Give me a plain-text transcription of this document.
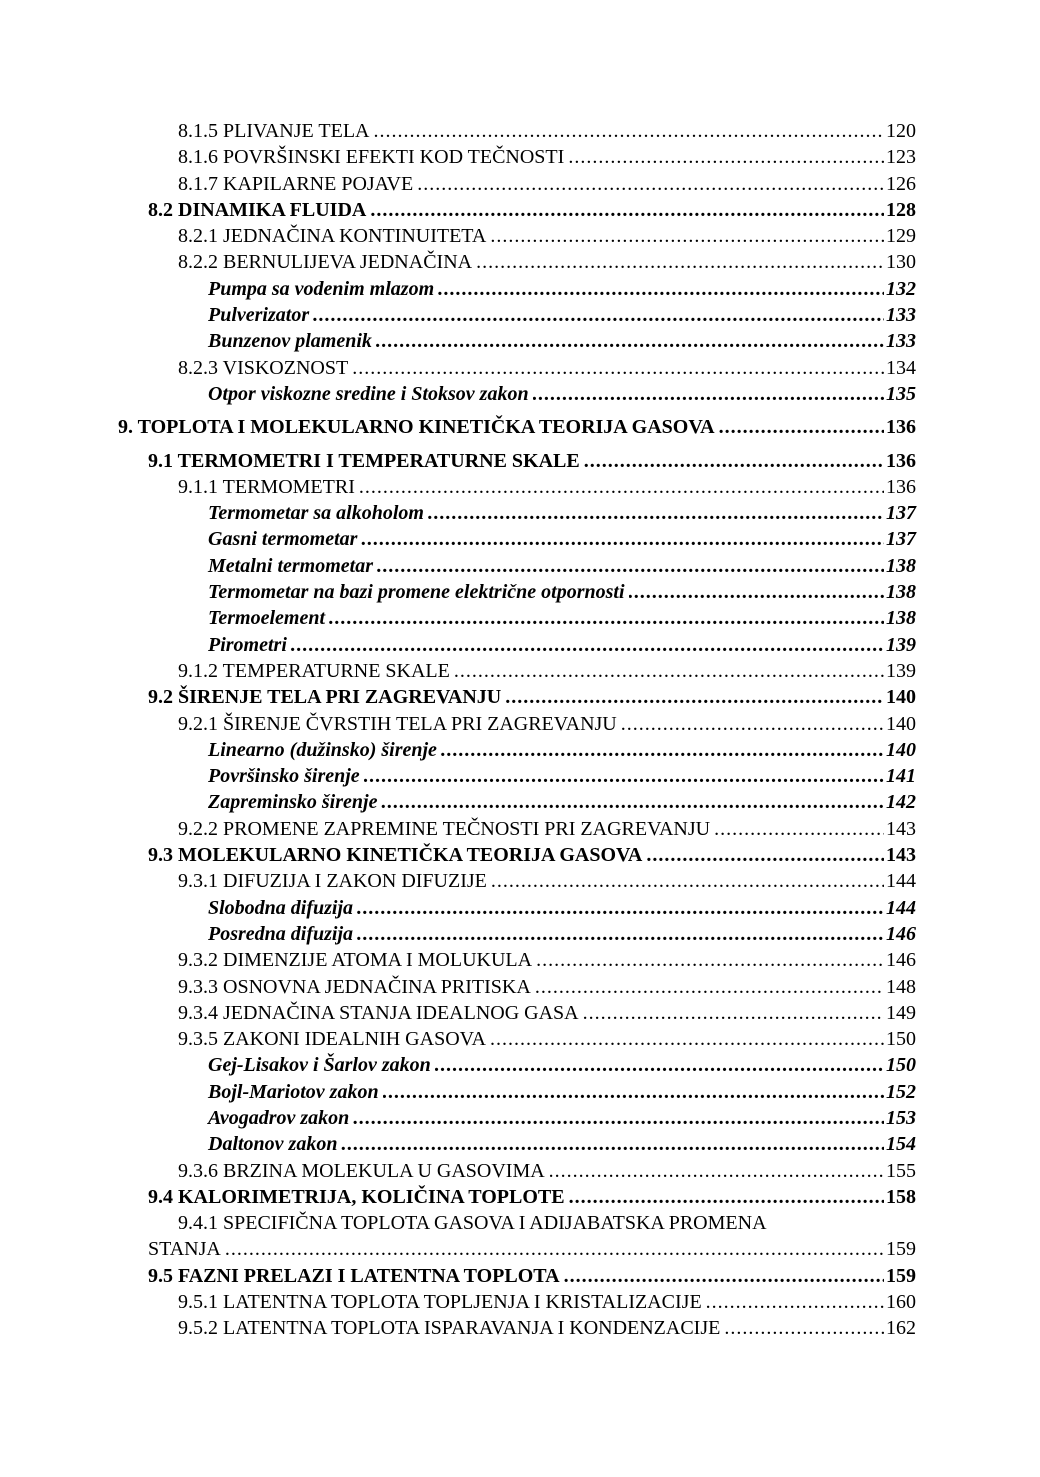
8.1.5 PLIVANJE TELA .....	120
8.1.6 POVRŠINSKI EFEKTI KOD TEČNOSTI .....	123
8.1.7 KAPILARNE POJAVE .....	126
8.2 DINAMIKA FLUIDA .....	128
8.2.1 JEDNAČINA KONTINUITETA .....	129
8.2.2 BERNULIJEVA JEDNAČINA .....	130
Pumpa sa vodenim mlazom .....	132
Pulverizator .....	133
Bunzenov plamenik .....	133
8.2.3 VISKOZNOST .....	134
Otpor viskozne sredine i Stoksov zakon .....	135
9. TOPLOTA I MOLEKULARNO KINETIČKA TEORIJA GASOVA .....	136
9.1 TERMOMETRI I TEMPERATURNE SKALE .....	136
9.1.1 TERMOMETRI .....	136
Termometar sa alkoholom .....	137
Gasni termometar .....	137
Metalni termometar .....	138
Termometar na bazi promene električne otpornosti .....	138
Termoelement .....	138
Pirometri .....	139
9.1.2 TEMPERATURNE SKALE .....	139
9.2 ŠIRENJE TELA PRI ZAGREVANJU .....	140
9.2.1 ŠIRENJE ČVRSTIH TELA PRI ZAGREVANJU .....	140
Linearno (dužinsko) širenje .....	140
Površinsko širenje .....	141
Zapreminsko širenje .....	142
9.2.2 PROMENE ZAPREMINE TEČNOSTI PRI ZAGREVANJU .....	143
9.3 MOLEKULARNO KINETIČKA TEORIJA GASOVA .....	143
9.3.1 DIFUZIJA I ZAKON DIFUZIJE .....	144
Slobodna difuzija .....	144
Posredna difuzija .....	146
9.3.2 DIMENZIJE ATOMA I MOLUKULA .....	146
9.3.3 OSNOVNA JEDNAČINA PRITISKA .....	148
9.3.4 JEDNAČINA STANJA IDEALNOG GASA .....	149
9.3.5 ZAKONI IDEALNIH GASOVA .....	150
Gej-Lisakov i Šarlov zakon .....	150
Bojl-Mariotov zakon .....	152
Avogadrov zakon .....	153
Daltonov zakon .....	154
9.3.6 BRZINA MOLEKULA U GASOVIMA .....	155
9.4 KALORIMETRIJA, KOLIČINA TOPLOTE .....	158
9.4.1 SPECIFIČNA TOPLOTA GASOVA I ADIJABATSKA PROMENA
STANJA .....	159
9.5 FAZNI PRELAZI I LATENTNA TOPLOTA .....	159
9.5.1 LATENTNA TOPLOTA TOPLJENJA I KRISTALIZACIJE .....	160
9.5.2 LATENTNA TOPLOTA ISPARAVANJA I KONDENZACIJE .....	162
